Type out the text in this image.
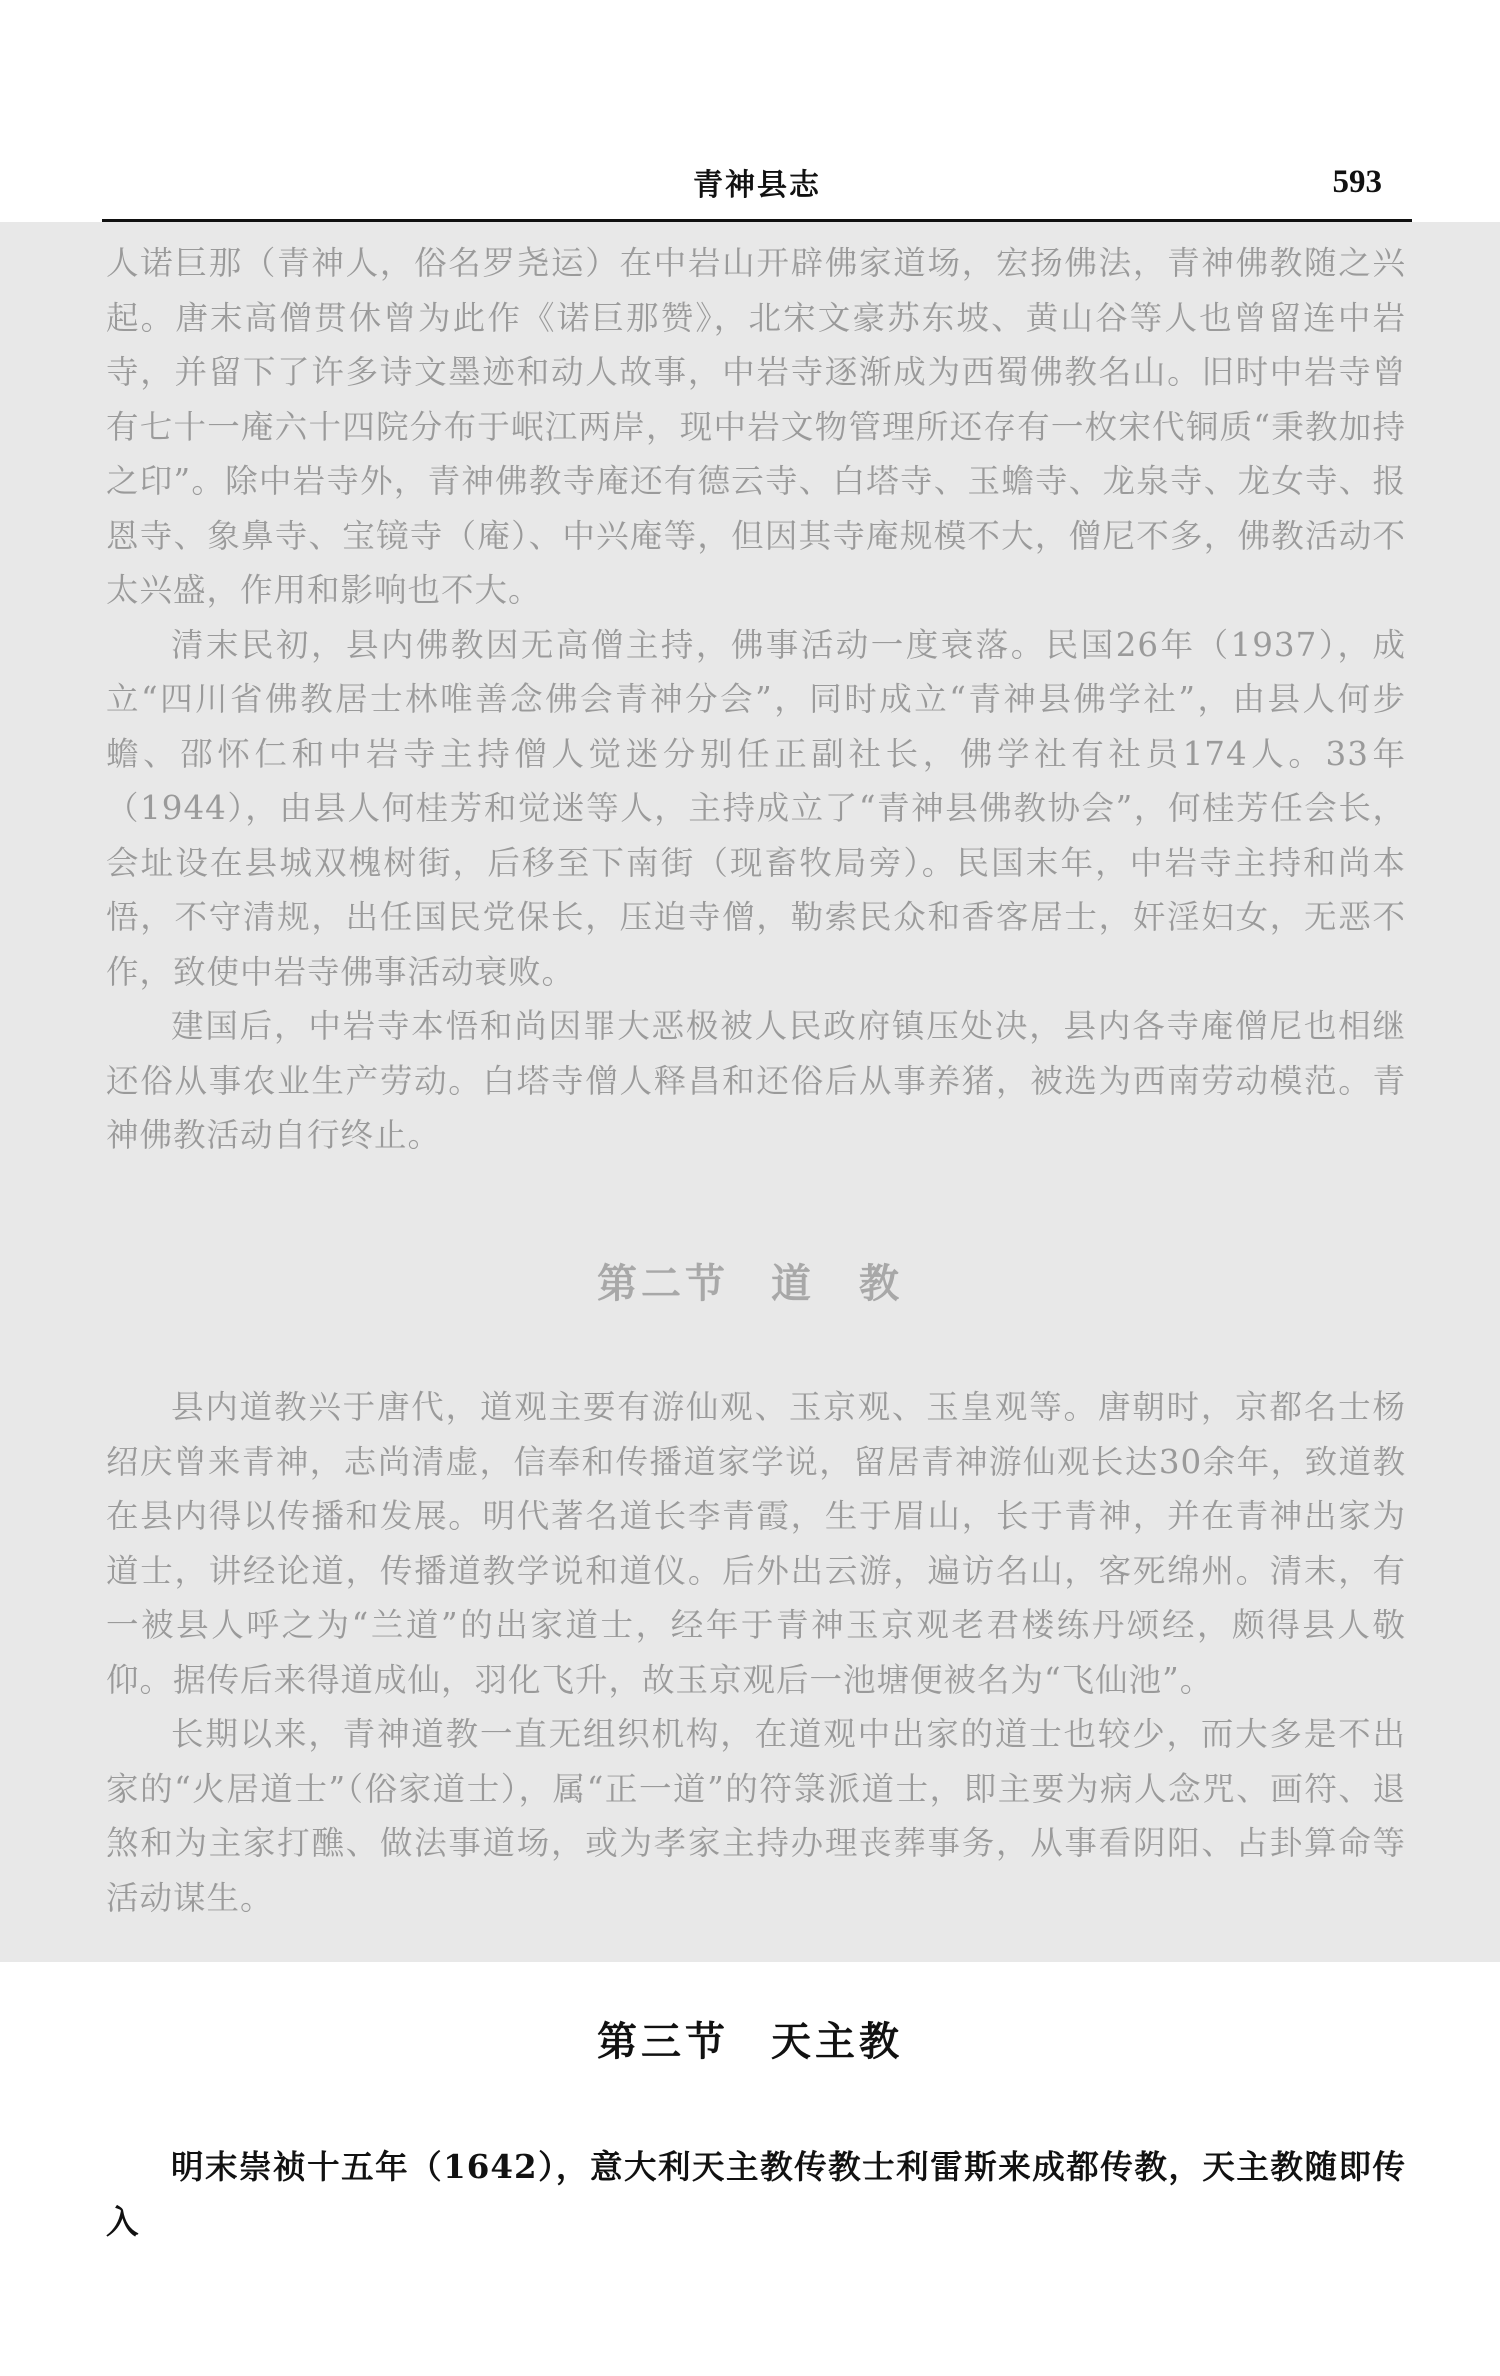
青神县志	593

人诺巨那（青神人，俗名罗尧运）在中岩山开辟佛家道场，宏扬佛法，青神佛教随之兴起。唐末高僧贯休曾为此作《诺巨那赞》，北宋文豪苏东坡、黄山谷等人也曾留连中岩寺，并留下了许多诗文墨迹和动人故事，中岩寺逐渐成为西蜀佛教名山。旧时中岩寺曾有七十一庵六十四院分布于岷江两岸，现中岩文物管理所还存有一枚宋代铜质“秉教加持之印”。除中岩寺外，青神佛教寺庵还有德云寺、白塔寺、玉蟾寺、龙泉寺、龙女寺、报恩寺、象鼻寺、宝镜寺（庵）、中兴庵等，但因其寺庵规模不大，僧尼不多，佛教活动不太兴盛，作用和影响也不大。

清末民初，县内佛教因无高僧主持，佛事活动一度衰落。民国26年（1937），成立“四川省佛教居士林唯善念佛会青神分会”，同时成立“青神县佛学社”，由县人何步蟾、邵怀仁和中岩寺主持僧人觉迷分别任正副社长，佛学社有社员174人。33年（1944），由县人何桂芳和觉迷等人，主持成立了“青神县佛教协会”，何桂芳任会长，会址设在县城双槐树街，后移至下南街（现畜牧局旁）。民国末年，中岩寺主持和尚本悟，不守清规，出任国民党保长，压迫寺僧，勒索民众和香客居士，奸淫妇女，无恶不作，致使中岩寺佛事活动衰败。

建国后，中岩寺本悟和尚因罪大恶极被人民政府镇压处决，县内各寺庵僧尼也相继还俗从事农业生产劳动。白塔寺僧人释昌和还俗后从事养猪，被选为西南劳动模范。青神佛教活动自行终止。

第二节 道　教

县内道教兴于唐代，道观主要有游仙观、玉京观、玉皇观等。唐朝时，京都名士杨绍庆曾来青神，志尚清虚，信奉和传播道家学说，留居青神游仙观长达30余年，致道教在县内得以传播和发展。明代著名道长李青霞，生于眉山，长于青神，并在青神出家为道士，讲经论道，传播道教学说和道仪。后外出云游，遍访名山，客死绵州。清末，有一被县人呼之为“兰道”的出家道士，经年于青神玉京观老君楼练丹颂经，颇得县人敬仰。据传后来得道成仙，羽化飞升，故玉京观后一池塘便被名为“飞仙池”。

长期以来，青神道教一直无组织机构，在道观中出家的道士也较少，而大多是不出家的“火居道士”（俗家道士），属“正一道”的符箓派道士，即主要为病人念咒、画符、退煞和为主家打醮、做法事道场，或为孝家主持办理丧葬事务，从事看阴阳、占卦算命等活动谋生。

第三节 天主教

明末崇祯十五年（1642），意大利天主教传教士利雷斯来成都传教，天主教随即传入
